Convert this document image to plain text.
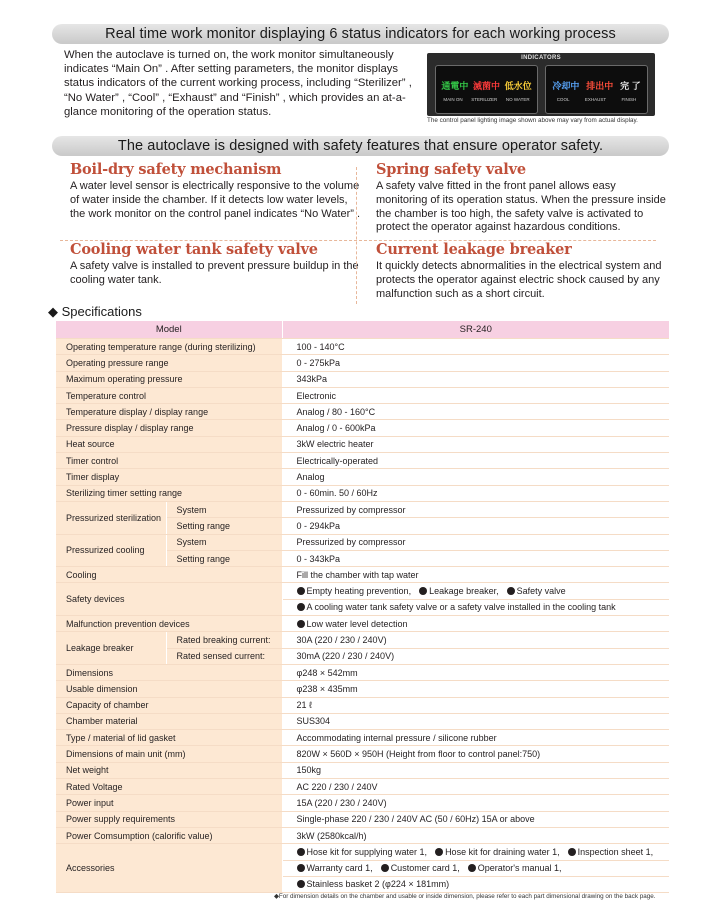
Real time work monitor displaying 6 status indicators for each working process
When the autoclave is turned on, the work monitor simultaneously indicates “Main On” . After setting parameters, the monitor displays status indicators of the current working process, including “Sterilizer” , “No Water” , “Cool” , “Exhaust” and “Finish” , which provides an at-a-glance monitoring of the operation status.
INDICATORS
通電中 滅菌中 低水位
MAIN ON STERILIZER NO WATER
冷却中 排出中 完 了
COOL	EXHAUST	FINISH
The control panel lighting image shown above may vary from actual display.
The autoclave is designed with safety features that ensure operator safety.
Boil-dry safety mechanism

A water level sensor is electrically responsive to the volume of water inside the chamber. If it detects low water levels, the work monitor on the control panel indicates “No Water” .

Spring safety valve

A safety valve fitted in the front panel allows easy monitoring of its operation status. When the pressure inside the chamber is too high, the safety valve is activated to protect the operator against hazardous conditions.

Cooling water tank safety valve

A safety valve is installed to prevent pressure buildup in the cooling water tank.

Current leakage breaker

It quickly detects abnormalities in the electrical system and protects the operator against electric shock caused by any malfunction such as a short circuit.

◆ Specifications
Model		SR-240
Operating temperature range (during sterilizing)		100 - 140°C
Operating pressure range		0 - 275kPa
Maximum operating pressure		343kPa
Temperature control		Electronic
Temperature display / display range		Analog / 80 - 160°C
Pressure display / display range		Analog / 0 - 600kPa
Heat source		3kW electric heater
Timer control		Electrically-operated
Timer display		Analog
Sterilizing timer setting range		0 - 60min. 50 / 60Hz
Pressurized sterilization	System	Pressurized by compressor
	Setting range	0 - 294kPa
Pressurized cooling	System	Pressurized by compressor
	Setting range	0 - 343kPa
Cooling		Fill the chamber with tap water
Safety devices		Empty heating prevention, Leakage breaker, Safety valve
		A cooling water tank safety valve or a safety valve installed in the cooling tank
Malfunction prevention devices		Low water level detection
Leakage breaker	Rated breaking current:	30A (220 / 230 / 240V)
	Rated sensed current:	30mA (220 / 230 / 240V)
Dimensions		φ248 × 542mm
Usable dimension		φ238 × 435mm
Capacity of chamber		21 ℓ
Chamber material		SUS304
Type / material of lid gasket		Accommodating internal pressure / silicone rubber
Dimensions of main unit (mm)		820W × 560D × 950H (Height from floor to control panel:750)
Net weight		150kg
Rated Voltage		AC 220 / 230 / 240V
Power input		15A (220 / 230 / 240V)
Power supply requirements		Single-phase 220 / 230 / 240V AC (50 / 60Hz) 15A or above
Power Comsumption (calorific value)		3kW (2580kcal/h)
Accessories		Hose kit for supplying water 1, Hose kit for draining water 1, Inspection sheet 1,
		Warranty card 1, Customer card 1, Operator's manual 1,
		Stainless basket 2 (φ224 × 181mm)
◆For dimension details on the chamber and usable or inside dimension, please refer to each part dimensional drawing on the back page.
